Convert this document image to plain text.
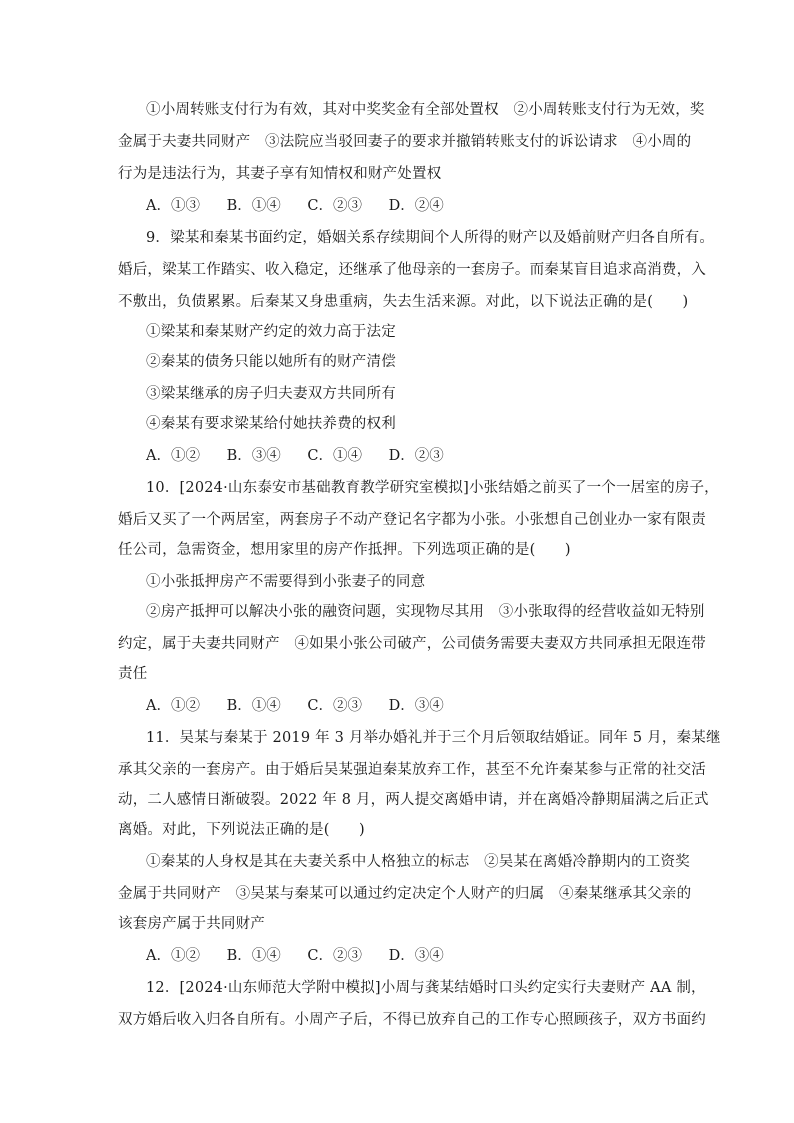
①小周转账支付行为有效，其对中奖奖金有全部处置权　②小周转账支付行为无效，奖
金属于夫妻共同财产　③法院应当驳回妻子的要求并撤销转账支付的诉讼请求　④小周的
行为是违法行为，其妻子享有知情权和财产处置权
A．①③ B．①④ C．②③ D．②④
9．梁某和秦某书面约定，婚姻关系存续期间个人所得的财产以及婚前财产归各自所有。
婚后，梁某工作踏实、收入稳定，还继承了他母亲的一套房子。而秦某盲目追求高消费，入
不敷出，负债累累。后秦某又身患重病，失去生活来源。对此，以下说法正确的是(　　)
①梁某和秦某财产约定的效力高于法定
②秦某的债务只能以她所有的财产清偿
③梁某继承的房子归夫妻双方共同所有
④秦某有要求梁某给付她扶养费的权利
A．①② B．③④ C．①④ D．②③
10．[2024·山东泰安市基础教育教学研究室模拟]小张结婚之前买了一个一居室的房子，
婚后又买了一个两居室，两套房子不动产登记名字都为小张。小张想自己创业办一家有限责
任公司，急需资金，想用家里的房产作抵押。下列选项正确的是(　　)
①小张抵押房产不需要得到小张妻子的同意
②房产抵押可以解决小张的融资问题，实现物尽其用　③小张取得的经营收益如无特别
约定，属于夫妻共同财产　④如果小张公司破产，公司债务需要夫妻双方共同承担无限连带
责任
A．①② B．①④ C．②③ D．③④
11．吴某与秦某于 2019 年 3 月举办婚礼并于三个月后领取结婚证。同年 5 月，秦某继
承其父亲的一套房产。由于婚后吴某强迫秦某放弃工作，甚至不允许秦某参与正常的社交活
动，二人感情日渐破裂。2022 年 8 月，两人提交离婚申请，并在离婚冷静期届满之后正式
离婚。对此，下列说法正确的是(　　)
①秦某的人身权是其在夫妻关系中人格独立的标志　②吴某在离婚冷静期内的工资奖
金属于共同财产　③吴某与秦某可以通过约定决定个人财产的归属　④秦某继承其父亲的
该套房产属于共同财产
A．①② B．①④ C．②③ D．③④
12．[2024·山东师范大学附中模拟]小周与龚某结婚时口头约定实行夫妻财产 AA 制，
双方婚后收入归各自所有。小周产子后，不得已放弃自己的工作专心照顾孩子，双方书面约
